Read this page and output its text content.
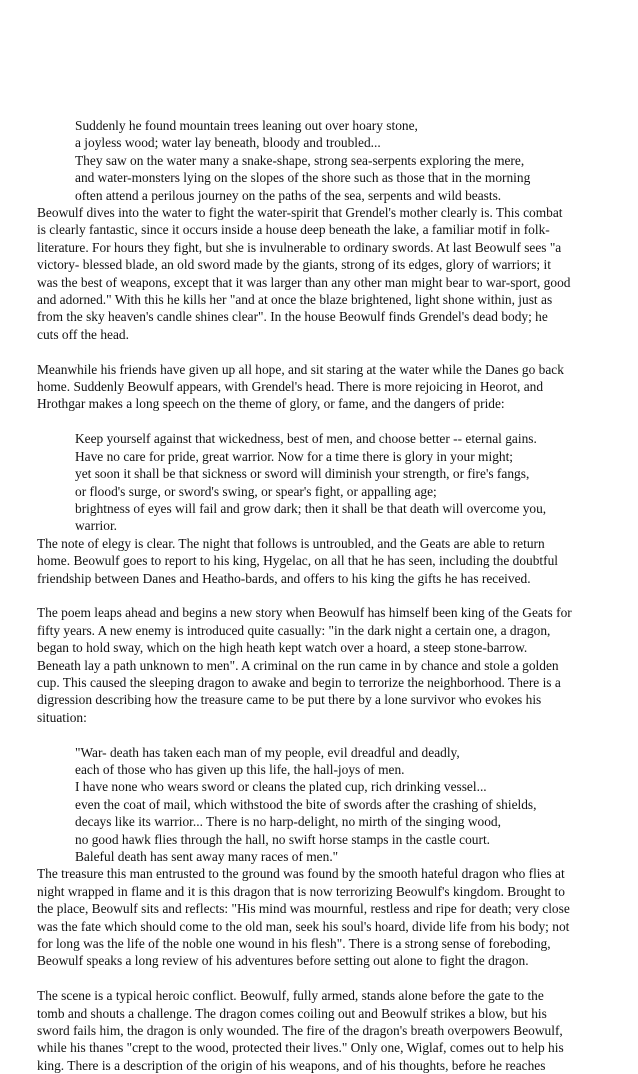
Suddenly he found mountain trees leaning out over hoary stone,
a joyless wood; water lay beneath, bloody and troubled...
They saw on the water many a snake-shape, strong sea-serpents exploring the mere,
and water-monsters lying on the slopes of the shore such as those that in the morning
often attend a perilous journey on the paths of the sea, serpents and wild beasts.
Beowulf dives into the water to fight the water-spirit that Grendel's mother clearly is. This combat
is clearly fantastic, since it occurs inside a house deep beneath the lake, a familiar motif in folk-
literature. For hours they fight, but she is invulnerable to ordinary swords. At last Beowulf sees "a
victory- blessed blade, an old sword made by the giants, strong of its edges, glory of warriors; it
was the best of weapons, except that it was larger than any other man might bear to war-sport, good
and adorned." With this he kills her "and at once the blaze brightened, light shone within, just as
from the sky heaven's candle shines clear". In the house Beowulf finds Grendel's dead body; he
cuts off the head.
Meanwhile his friends have given up all hope, and sit staring at the water while the Danes go back
home. Suddenly Beowulf appears, with Grendel's head. There is more rejoicing in Heorot, and
Hrothgar makes a long speech on the theme of glory, or fame, and the dangers of pride:
Keep yourself against that wickedness, best of men, and choose better -- eternal gains.
Have no care for pride, great warrior. Now for a time there is glory in your might;
yet soon it shall be that sickness or sword will diminish your strength, or fire's fangs,
or flood's surge, or sword's swing, or spear's fight, or appalling age;
brightness of eyes will fail and grow dark; then it shall be that death will overcome you,
warrior.
The note of elegy is clear. The night that follows is untroubled, and the Geats are able to return
home. Beowulf goes to report to his king, Hygelac, on all that he has seen, including the doubtful
friendship between Danes and Heatho-bards, and offers to his king the gifts he has received.
The poem leaps ahead and begins a new story when Beowulf has himself been king of the Geats for
fifty years. A new enemy is introduced quite casually: "in the dark night a certain one, a dragon,
began to hold sway, which on the high heath kept watch over a hoard, a steep stone-barrow.
Beneath lay a path unknown to men". A criminal on the run came in by chance and stole a golden
cup. This caused the sleeping dragon to awake and begin to terrorize the neighborhood. There is a
digression describing how the treasure came to be put there by a lone survivor who evokes his
situation:
"War- death has taken each man of my people, evil dreadful and deadly,
each of those who has given up this life, the hall-joys of men.
I have none who wears sword or cleans the plated cup, rich drinking vessel...
even the coat of mail, which withstood the bite of swords after the crashing of shields,
decays like its warrior... There is no harp-delight, no mirth of the singing wood,
no good hawk flies through the hall, no swift horse stamps in the castle court.
Baleful death has sent away many races of men."
The treasure this man entrusted to the ground was found by the smooth hateful dragon who flies at
night wrapped in flame and it is this dragon that is now terrorizing Beowulf's kingdom. Brought to
the place, Beowulf sits and reflects: "His mind was mournful, restless and ripe for death; very close
was the fate which should come to the old man, seek his soul's hoard, divide life from his body; not
for long was the life of the noble one wound in his flesh". There is a strong sense of foreboding,
Beowulf speaks a long review of his adventures before setting out alone to fight the dragon.
The scene is a typical heroic conflict. Beowulf, fully armed, stands alone before the gate to the
tomb and shouts a challenge. The dragon comes coiling out and Beowulf strikes a blow, but his
sword fails him, the dragon is only wounded. The fire of the dragon's breath overpowers Beowulf,
while his thanes "crept to the wood, protected their lives." Only one, Wiglaf, comes out to help his
king. There is a description of the origin of his weapons, and of his thoughts, before he reaches
